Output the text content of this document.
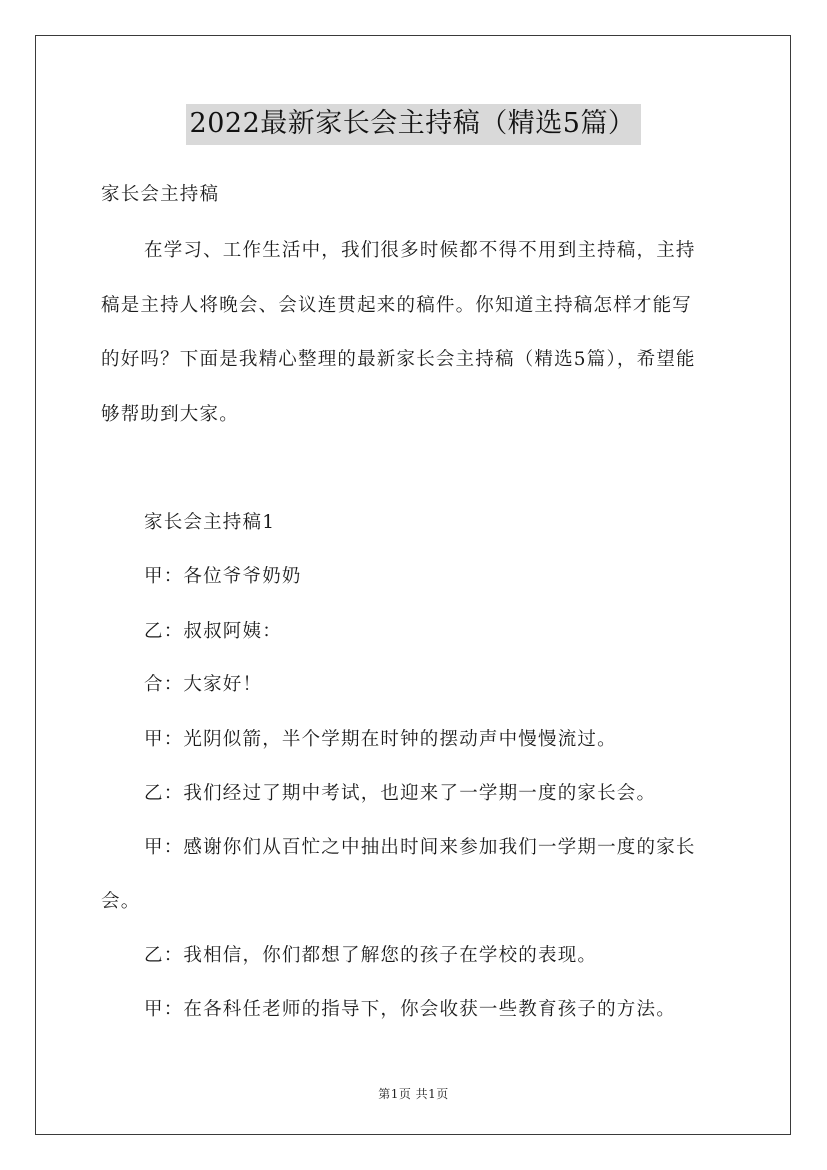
2022最新家长会主持稿（精选5篇）
家长会主持稿
在学习、工作生活中，我们很多时候都不得不用到主持稿，主持
稿是主持人将晚会、会议连贯起来的稿件。你知道主持稿怎样才能写
的好吗？下面是我精心整理的最新家长会主持稿（精选5篇），希望能
够帮助到大家。
家长会主持稿1
甲：各位爷爷奶奶
乙：叔叔阿姨：
合：大家好！
甲：光阴似箭，半个学期在时钟的摆动声中慢慢流过。
乙：我们经过了期中考试，也迎来了一学期一度的家长会。
甲：感谢你们从百忙之中抽出时间来参加我们一学期一度的家长
会。
乙：我相信，你们都想了解您的孩子在学校的表现。
甲：在各科任老师的指导下，你会收获一些教育孩子的方法。
第1页 共1页
